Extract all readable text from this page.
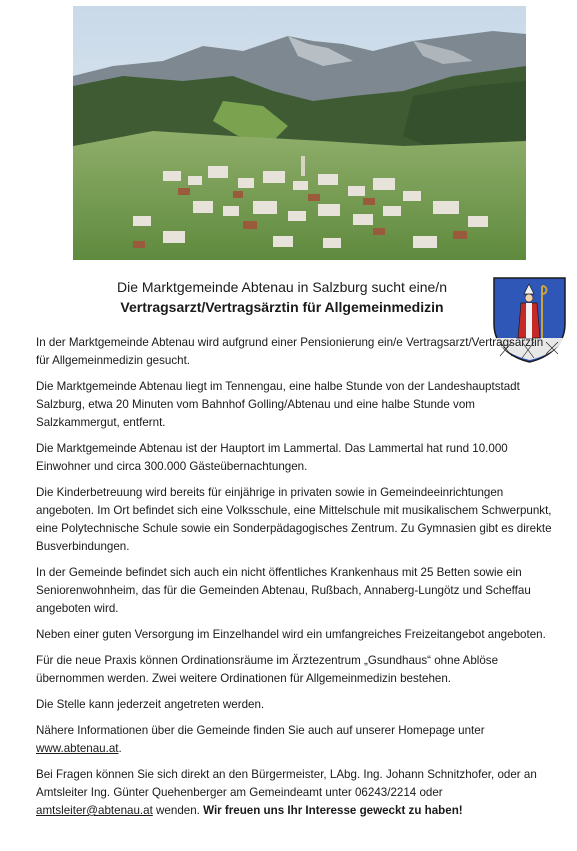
Die Marktgemeinde Abtenau in Salzburg sucht eine/n
Vertragsarzt/Vertragsärztin für Allgemeinmedizin

In der Marktgemeinde Abtenau wird aufgrund einer Pensionierung ein/e Vertragsarzt/Vertragsärztin für Allgemeinmedizin gesucht.

Die Marktgemeinde Abtenau liegt im Tennengau, eine halbe Stunde von der Landeshauptstadt Salzburg, etwa 20 Minuten vom Bahnhof Golling/Abtenau und eine halbe Stunde vom Salzkammergut, entfernt.

Die Marktgemeinde Abtenau ist der Hauptort im Lammertal. Das Lammertal hat rund 10.000 Einwohner und circa 300.000 Gästeübernachtungen.

Die Kinderbetreuung wird bereits für einjährige in privaten sowie in Gemeindeeinrichtungen angeboten. Im Ort befindet sich eine Volksschule, eine Mittelschule mit musikalischem Schwerpunkt, eine Polytechnische Schule sowie ein Sonderpädagogisches Zentrum. Zu Gymnasien gibt es direkte Busverbindungen.

In der Gemeinde befindet sich auch ein nicht öffentliches Krankenhaus mit 25 Betten sowie ein Seniorenwohnheim, das für die Gemeinden Abtenau, Rußbach, Annaberg-Lungötz und Scheffau angeboten wird.

Neben einer guten Versorgung im Einzelhandel wird ein umfangreiches Freizeitangebot angeboten.

Für die neue Praxis können Ordinationsräume im Ärztezentrum „Gsundhaus“ ohne Ablöse übernommen werden. Zwei weitere Ordinationen für Allgemeinmedizin bestehen.

Die Stelle kann jederzeit angetreten werden.

Nähere Informationen über die Gemeinde finden Sie auch auf unserer Homepage unter www.abtenau.at.

Bei Fragen können Sie sich direkt an den Bürgermeister, LAbg. Ing. Johann Schnitzhofer, oder an Amtsleiter Ing. Günter Quehenberger am Gemeindeamt unter 06243/2214 oder amtsleiter@abtenau.at wenden. Wir freuen uns Ihr Interesse geweckt zu haben!
